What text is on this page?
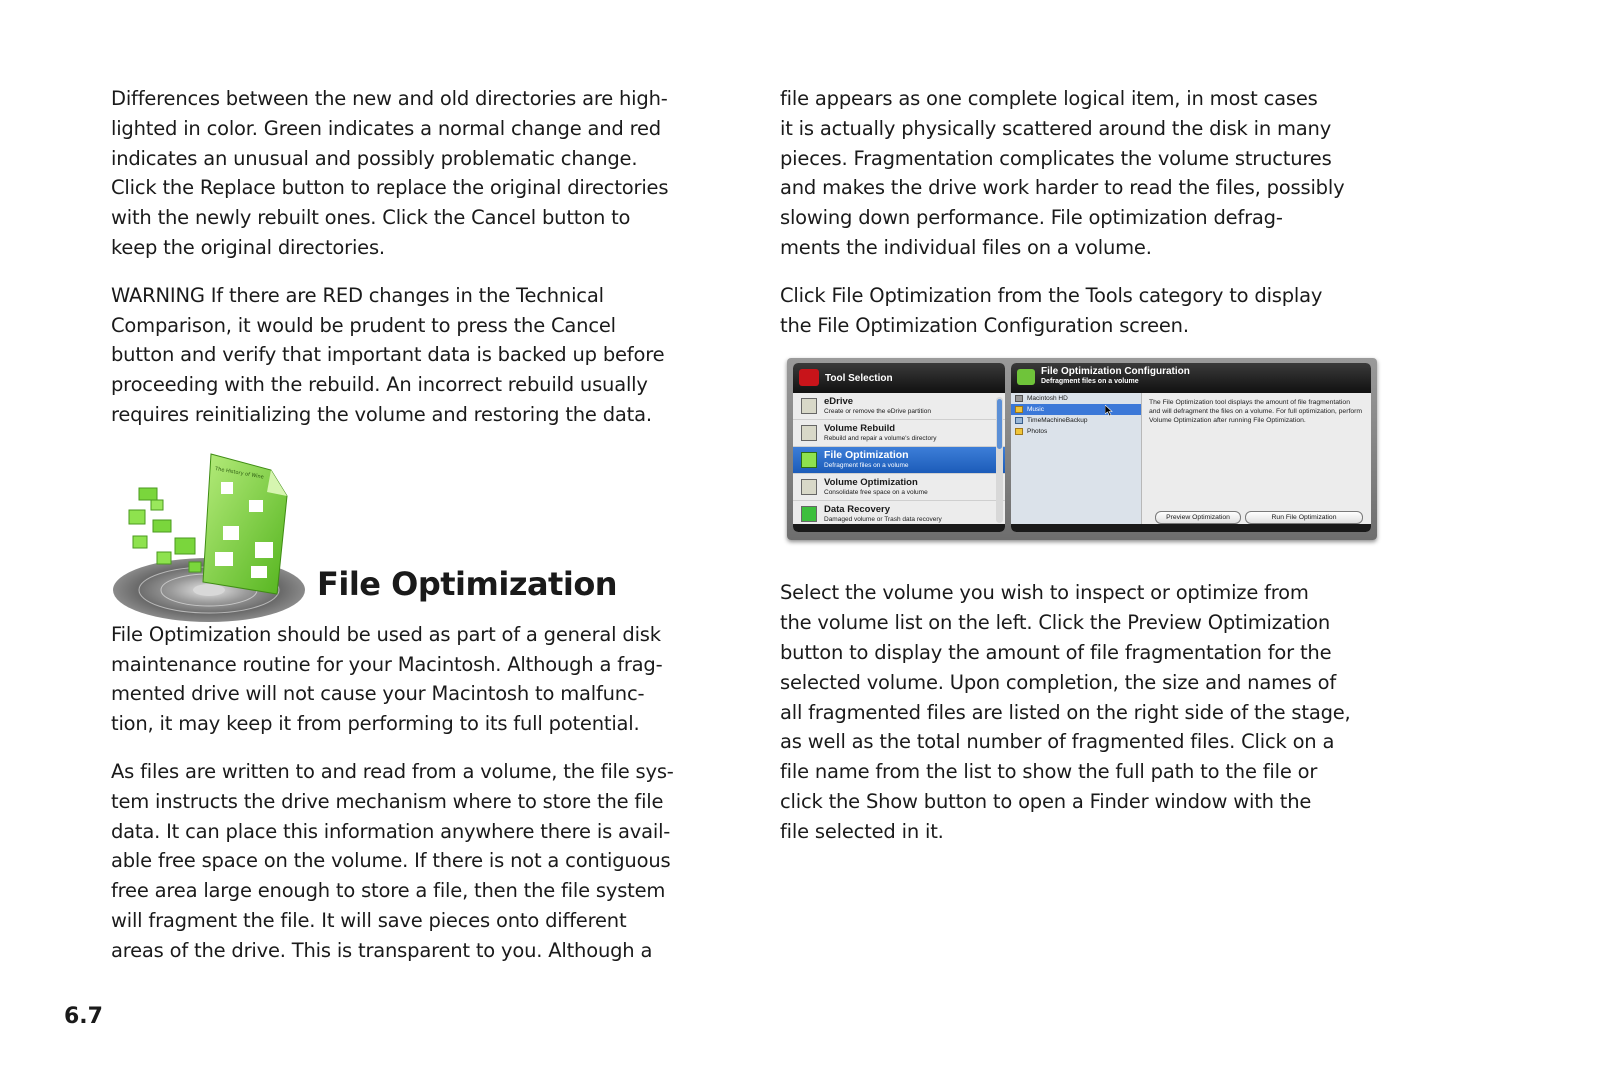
Differences between the new and old directories are high-
lighted in color. Green indicates a normal change and red
indicates an unusual and possibly problematic change.
Click the Replace button to replace the original directories
with the newly rebuilt ones. Click the Cancel button to
keep the original directories.

WARNING If there are RED changes in the Technical
Comparison, it would be prudent to press the Cancel
button and verify that important data is backed up before
proceeding with the rebuild. An incorrect rebuild usually
requires reinitializing the volume and restoring the data.

The History of Wine
File Optimization

File Optimization should be used as part of a general disk
maintenance routine for your Macintosh. Although a frag-
mented drive will not cause your Macintosh to malfunc-
tion, it may keep it from performing to its full potential.

As files are written to and read from a volume, the file sys-
tem instructs the drive mechanism where to store the file
data. It can place this information anywhere there is avail-
able free space on the volume. If there is not a contiguous
free area large enough to store a file, then the file system
will fragment the file. It will save pieces onto different
areas of the drive. This is transparent to you. Although a

file appears as one complete logical item, in most cases
it is actually physically scattered around the disk in many
pieces. Fragmentation complicates the volume structures
and makes the drive work harder to read the files, possibly
slowing down performance. File optimization defrag-
ments the individual files on a volume.

Click File Optimization from the Tools category to display
the File Optimization Configuration screen.

Tool Selection
eDrive
Create or remove the eDrive partition
Volume Rebuild
Rebuild and repair a volume's directory
File Optimization
Defragment files on a volume
Volume Optimization
Consolidate free space on a volume
Data Recovery
Damaged volume or Trash data recovery
File Optimization Configuration
Defragment files on a volume
Macintosh HD
Music
TimeMachineBackup
Photos
The File Optimization tool displays the amount of file fragmentation and will defragment the files on a volume. For full optimization, perform Volume Optimization after running File Optimization.
Preview Optimization	Run File Optimization

Select the volume you wish to inspect or optimize from
the volume list on the left. Click the Preview Optimization
button to display the amount of file fragmentation for the
selected volume. Upon completion, the size and names of
all fragmented files are listed on the right side of the stage,
as well as the total number of fragmented files. Click on a
file name from the list to show the full path to the file or
click the Show button to open a Finder window with the
file selected in it.

6.7
